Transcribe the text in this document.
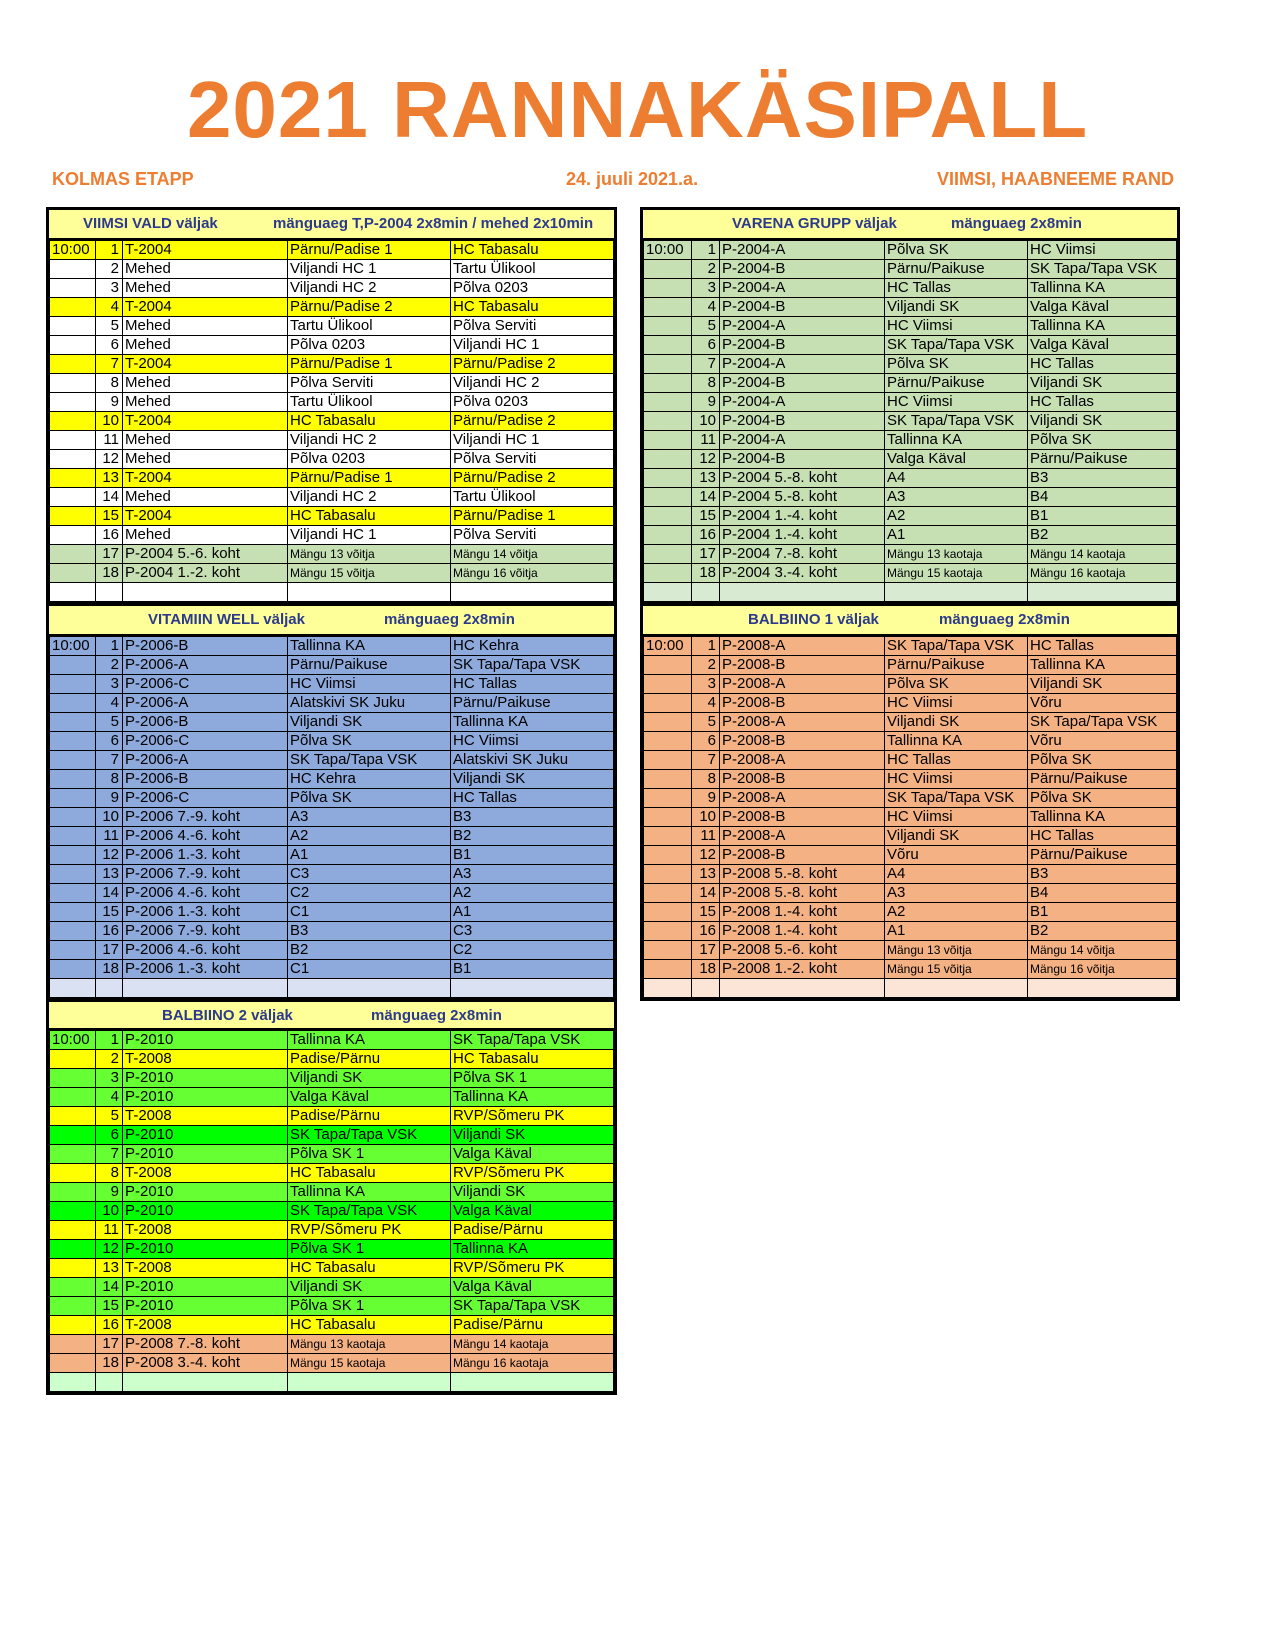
2021 RANNAKÄSIPALL
KOLMAS ETAPP	24. juuli 2021.a.	VIIMSI, HAABNEEME RAND
VIIMSI VALD väljak	mänguaeg T,P-2004 2x8min / mehed 2x10min
10:00	1	T-2004	Pärnu/Padise 1	HC Tabasalu
	2	Mehed	Viljandi HC 1	Tartu Ülikool
	3	Mehed	Viljandi HC 2	Põlva 0203
	4	T-2004	Pärnu/Padise 2	HC Tabasalu
	5	Mehed	Tartu Ülikool	Põlva Serviti
	6	Mehed	Põlva 0203	Viljandi HC 1
	7	T-2004	Pärnu/Padise 1	Pärnu/Padise 2
	8	Mehed	Põlva Serviti	Viljandi HC 2
	9	Mehed	Tartu Ülikool	Põlva 0203
	10	T-2004	HC Tabasalu	Pärnu/Padise 2
	11	Mehed	Viljandi HC 2	Viljandi HC 1
	12	Mehed	Põlva 0203	Põlva Serviti
	13	T-2004	Pärnu/Padise 1	Pärnu/Padise 2
	14	Mehed	Viljandi HC 2	Tartu Ülikool
	15	T-2004	HC Tabasalu	Pärnu/Padise 1
	16	Mehed	Viljandi HC 1	Põlva Serviti
	17	P-2004 5.-6. koht	Mängu 13 võitja	Mängu 14 võitja
	18	P-2004 1.-2. koht	Mängu 15 võitja	Mängu 16 võitja

VARENA GRUPP väljak	mänguaeg 2x8min
10:00	1	P-2004-A	Põlva SK	HC Viimsi
	2	P-2004-B	Pärnu/Paikuse	SK Tapa/Tapa VSK
	3	P-2004-A	HC Tallas	Tallinna KA
	4	P-2004-B	Viljandi SK	Valga Käval
	5	P-2004-A	HC Viimsi	Tallinna KA
	6	P-2004-B	SK Tapa/Tapa VSK	Valga Käval
	7	P-2004-A	Põlva SK	HC Tallas
	8	P-2004-B	Pärnu/Paikuse	Viljandi SK
	9	P-2004-A	HC Viimsi	HC Tallas
	10	P-2004-B	SK Tapa/Tapa VSK	Viljandi SK
	11	P-2004-A	Tallinna KA	Põlva SK
	12	P-2004-B	Valga Käval	Pärnu/Paikuse
	13	P-2004 5.-8. koht	A4	B3
	14	P-2004 5.-8. koht	A3	B4
	15	P-2004 1.-4. koht	A2	B1
	16	P-2004 1.-4. koht	A1	B2
	17	P-2004 7.-8. koht	Mängu 13 kaotaja	Mängu 14 kaotaja
	18	P-2004 3.-4. koht	Mängu 15 kaotaja	Mängu 16 kaotaja

VITAMIIN WELL väljak	mänguaeg 2x8min
10:00	1	P-2006-B	Tallinna KA	HC Kehra
	2	P-2006-A	Pärnu/Paikuse	SK Tapa/Tapa VSK
	3	P-2006-C	HC Viimsi	HC Tallas
	4	P-2006-A	Alatskivi SK Juku	Pärnu/Paikuse
	5	P-2006-B	Viljandi SK	Tallinna KA
	6	P-2006-C	Põlva SK	HC Viimsi
	7	P-2006-A	SK Tapa/Tapa VSK	Alatskivi SK Juku
	8	P-2006-B	HC Kehra	Viljandi SK
	9	P-2006-C	Põlva SK	HC Tallas
	10	P-2006 7.-9. koht	A3	B3
	11	P-2006 4.-6. koht	A2	B2
	12	P-2006 1.-3. koht	A1	B1
	13	P-2006 7.-9. koht	C3	A3
	14	P-2006 4.-6. koht	C2	A2
	15	P-2006 1.-3. koht	C1	A1
	16	P-2006 7.-9. koht	B3	C3
	17	P-2006 4.-6. koht	B2	C2
	18	P-2006 1.-3. koht	C1	B1

BALBIINO 1 väljak	mänguaeg 2x8min
10:00	1	P-2008-A	SK Tapa/Tapa VSK	HC Tallas
	2	P-2008-B	Pärnu/Paikuse	Tallinna KA
	3	P-2008-A	Põlva SK	Viljandi SK
	4	P-2008-B	HC Viimsi	Võru
	5	P-2008-A	Viljandi SK	SK Tapa/Tapa VSK
	6	P-2008-B	Tallinna KA	Võru
	7	P-2008-A	HC Tallas	Põlva SK
	8	P-2008-B	HC Viimsi	Pärnu/Paikuse
	9	P-2008-A	SK Tapa/Tapa VSK	Põlva SK
	10	P-2008-B	HC Viimsi	Tallinna KA
	11	P-2008-A	Viljandi SK	HC Tallas
	12	P-2008-B	Võru	Pärnu/Paikuse
	13	P-2008 5.-8. koht	A4	B3
	14	P-2008 5.-8. koht	A3	B4
	15	P-2008 1.-4. koht	A2	B1
	16	P-2008 1.-4. koht	A1	B2
	17	P-2008 5.-6. koht	Mängu 13 võitja	Mängu 14 võitja
	18	P-2008 1.-2. koht	Mängu 15 võitja	Mängu 16 võitja

BALBIINO 2 väljak	mänguaeg 2x8min
10:00	1	P-2010	Tallinna KA	SK Tapa/Tapa VSK
	2	T-2008	Padise/Pärnu	HC Tabasalu
	3	P-2010	Viljandi SK	Põlva SK 1
	4	P-2010	Valga Käval	Tallinna KA
	5	T-2008	Padise/Pärnu	RVP/Sõmeru PK
	6	P-2010	SK Tapa/Tapa VSK	Viljandi SK
	7	P-2010	Põlva SK 1	Valga Käval
	8	T-2008	HC Tabasalu	RVP/Sõmeru PK
	9	P-2010	Tallinna KA	Viljandi SK
	10	P-2010	SK Tapa/Tapa VSK	Valga Käval
	11	T-2008	RVP/Sõmeru PK	Padise/Pärnu
	12	P-2010	Põlva SK 1	Tallinna KA
	13	T-2008	HC Tabasalu	RVP/Sõmeru PK
	14	P-2010	Viljandi SK	Valga Käval
	15	P-2010	Põlva SK 1	SK Tapa/Tapa VSK
	16	T-2008	HC Tabasalu	Padise/Pärnu
	17	P-2008 7.-8. koht	Mängu 13 kaotaja	Mängu 14 kaotaja
	18	P-2008 3.-4. koht	Mängu 15 kaotaja	Mängu 16 kaotaja
